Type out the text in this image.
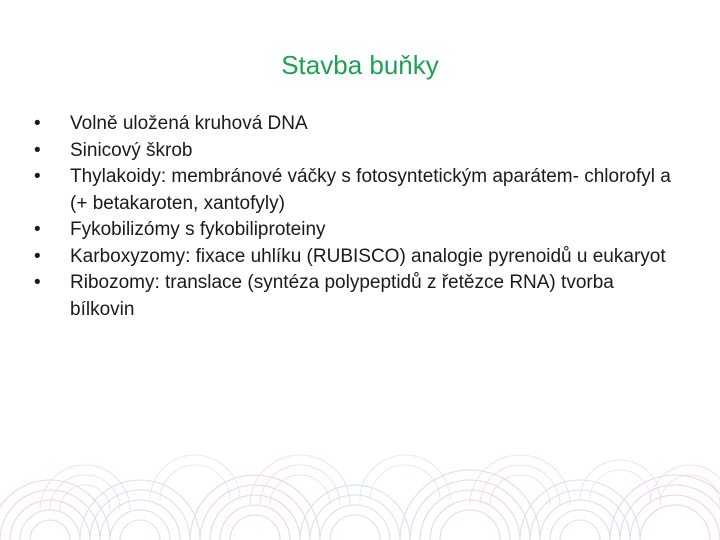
Stavba buňky
•	Volně uložená kruhová DNA
•	Sinicový škrob
•	Thylakoidy: membránové váčky s fotosyntetickým aparátem- chlorofyl a (+ betakaroten, xantofyly)
•	Fykobilizómy s fykobiliproteiny
•	Karboxyzomy: fixace uhlíku (RUBISCO) analogie pyrenoidů u eukaryot
•	Ribozomy: translace (syntéza polypeptidů z řetězce RNA) tvorba bílkovin
